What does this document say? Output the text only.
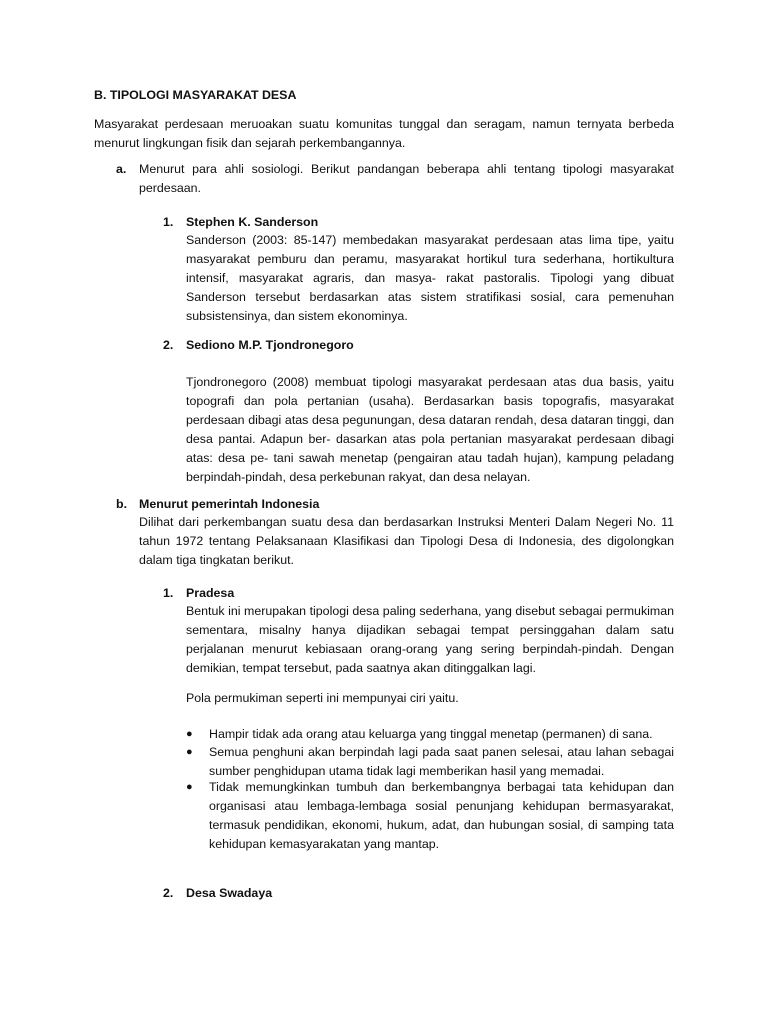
B. TIPOLOGI MASYARAKAT DESA
Masyarakat perdesaan meruoakan suatu komunitas tunggal dan seragam, namun ternyata berbeda menurut lingkungan fisik dan sejarah perkembangannya.
a. Menurut para ahli sosiologi. Berikut pandangan beberapa ahli tentang tipologi masyarakat perdesaan.
1. Stephen K. Sanderson
Sanderson (2003: 85-147) membedakan masyarakat perdesaan atas lima tipe, yaitu masyarakat pemburu dan peramu, masyarakat hortikul tura sederhana, hortikultura intensif, masyarakat agraris, dan masya- rakat pastoralis. Tipologi yang dibuat Sanderson tersebut berdasarkan atas sistem stratifikasi sosial, cara pemenuhan subsistensinya, dan sistem ekonominya.
2. Sediono M.P. Tjondronegoro
Tjondronegoro (2008) membuat tipologi masyarakat perdesaan atas dua basis, yaitu topografi dan pola pertanian (usaha). Berdasarkan basis topografis, masyarakat perdesaan dibagi atas desa pegunungan, desa dataran rendah, desa dataran tinggi, dan desa pantai. Adapun ber- dasarkan atas pola pertanian masyarakat perdesaan dibagi atas: desa pe- tani sawah menetap (pengairan atau tadah hujan), kampung peladang berpindah-pindah, desa perkebunan rakyat, dan desa nelayan.
b. Menurut pemerintah Indonesia
Dilihat dari perkembangan suatu desa dan berdasarkan Instruksi Menteri Dalam Negeri No. 11 tahun 1972 tentang Pelaksanaan Klasifikasi dan Tipologi Desa di Indonesia, des digolongkan dalam tiga tingkatan berikut.
1. Pradesa
Bentuk ini merupakan tipologi desa paling sederhana, yang disebut sebagai permukiman sementara, misalny hanya dijadikan sebagai tempat persinggahan dalam satu perjalanan menurut kebiasaan orang-orang yang sering berpindah-pindah. Dengan demikian, tempat tersebut, pada saatnya akan ditinggalkan lagi.
Pola permukiman seperti ini mempunyai ciri yaitu.
● Hampir tidak ada orang atau keluarga yang tinggal menetap (permanen) di sana.
● Semua penghuni akan berpindah lagi pada saat panen selesai, atau lahan sebagai sumber penghidupan utama tidak lagi memberikan hasil yang memadai.
● Tidak memungkinkan tumbuh dan berkembangnya berbagai tata kehidupan dan organisasi atau lembaga-lembaga sosial penunjang kehidupan bermasyarakat, termasuk pendidikan, ekonomi, hukum, adat, dan hubungan sosial, di samping tata kehidupan kemasyarakatan yang mantap.
2. Desa Swadaya
